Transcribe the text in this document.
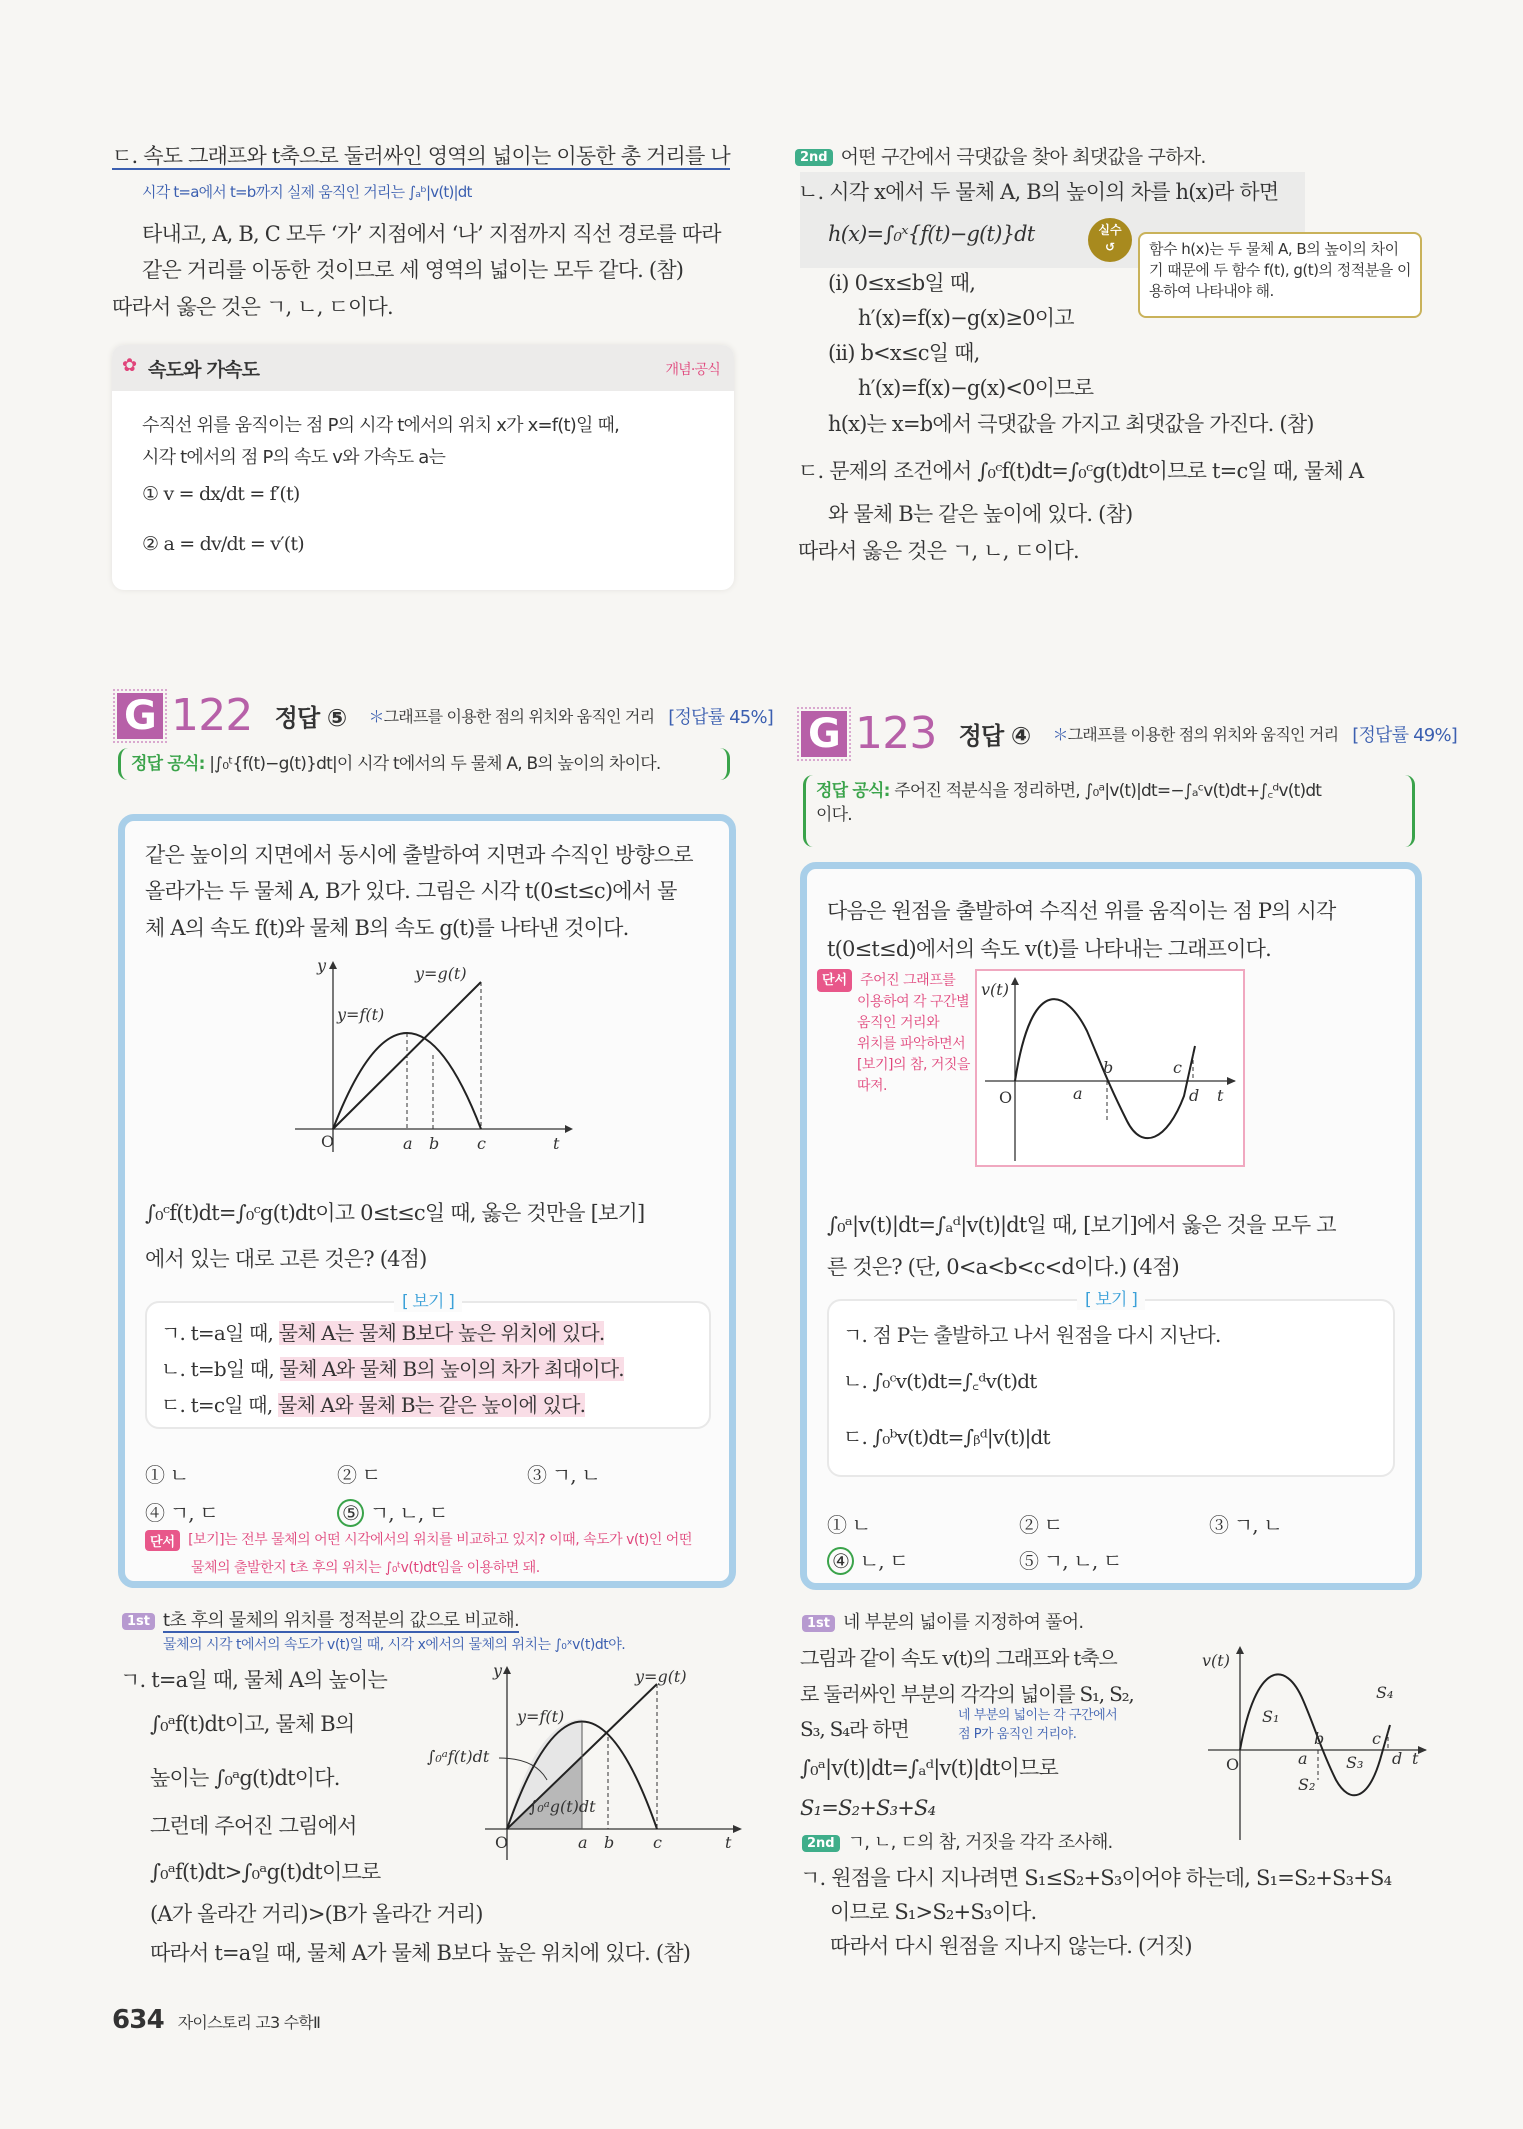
ㄷ. 속도 그래프와 t축으로 둘러싸인 영역의 넓이는 이동한 총 거리를 나
시각 t=a에서 t=b까지 실제 움직인 거리는 ∫ₐᵇ|v(t)|dt
타내고, A, B, C 모두 ‘가’ 지점에서 ‘나’ 지점까지 직선 경로를 따라
같은 거리를 이동한 것이므로 세 영역의 넓이는 모두 같다. (참)
따라서 옳은 것은 ㄱ, ㄴ, ㄷ이다.
✿ 속도와 가속도	개념·공식
수직선 위를 움직이는 점 P의 시각 t에서의 위치 x가 x=f(t)일 때,
시각 t에서의 점 P의 속도 v와 가속도 a는
① v = dx/dt = f′(t)
② a = dv/dt = v′(t)
2nd 어떤 구간에서 극댓값을 찾아 최댓값을 구하자.
ㄴ. 시각 x에서 두 물체 A, B의 높이의 차를 h(x)라 하면
h(x)=∫₀ˣ{f(t)−g(t)}dt
함수 h(x)는 두 물체 A, B의 높이의 차이기 때문에 두 함수 f(t), g(t)의 정적분을 이용하여 나타내야 해.
실수
↺
(i) 0≤x≤b일 때,
h′(x)=f(x)−g(x)≥0이고
(ii) b<x≤c일 때,
h′(x)=f(x)−g(x)<0이므로
h(x)는 x=b에서 극댓값을 가지고 최댓값을 가진다. (참)
ㄷ. 문제의 조건에서 ∫₀ᶜf(t)dt=∫₀ᶜg(t)dt이므로 t=c일 때, 물체 A
와 물체 B는 같은 높이에 있다. (참)
따라서 옳은 것은 ㄱ, ㄴ, ㄷ이다.
G 122 정답 ⑤ ＊그래프를 이용한 점의 위치와 움직인 거리 [정답률 45%]
정답 공식: |∫₀ᵗ{f(t)−g(t)}dt|이 시각 t에서의 두 물체 A, B의 높이의 차이다.
같은 높이의 지면에서 동시에 출발하여 지면과 수직인 방향으로
올라가는 두 물체 A, B가 있다. 그림은 시각 t(0≤t≤c)에서 물
체 A의 속도 f(t)와 물체 B의 속도 g(t)를 나타낸 것이다.
O	a b c	t
y
y=f(t)
y=g(t)
∫₀ᶜf(t)dt=∫₀ᶜg(t)dt이고 0≤t≤c일 때, 옳은 것만을 [보기]
에서 있는 대로 고른 것은? (4점)
[ 보기 ]
ㄱ. t=a일 때, 물체 A는 물체 B보다 높은 위치에 있다.
ㄴ. t=b일 때, 물체 A와 물체 B의 높이의 차가 최대이다.
ㄷ. t=c일 때, 물체 A와 물체 B는 같은 높이에 있다.
① ㄴ	② ㄷ	③ ㄱ, ㄴ
④ ㄱ, ㄷ	⑤ ㄱ, ㄴ, ㄷ
단서 [보기]는 전부 물체의 어떤 시각에서의 위치를 비교하고 있지? 이때, 속도가 v(t)인 어떤
물체의 출발한지 t초 후의 위치는 ∫₀ᵗv(t)dt임을 이용하면 돼.
1st t초 후의 물체의 위치를 정적분의 값으로 비교해.
물체의 시각 t에서의 속도가 v(t)일 때, 시각 x에서의 물체의 위치는 ∫₀ˣv(t)dt야.
ㄱ. t=a일 때, 물체 A의 높이는
∫₀ᵃf(t)dt이고, 물체 B의
높이는 ∫₀ᵃg(t)dt이다.
그런데 주어진 그림에서
∫₀ᵃf(t)dt>∫₀ᵃg(t)dt이므로
(A가 올라간 거리)>(B가 올라간 거리)
따라서 t=a일 때, 물체 A가 물체 B보다 높은 위치에 있다. (참)
O	a b c	t
y
y=f(t)
y=g(t)
∫₀ᵃf(t)dt
∫₀ᵃg(t)dt
G 123 정답 ④ ＊그래프를 이용한 점의 위치와 움직인 거리 [정답률 49%]
정답 공식: 주어진 적분식을 정리하면, ∫₀ᵃ|v(t)|dt=−∫ₐᶜv(t)dt+∫꜀ᵈv(t)dt
이다.
다음은 원점을 출발하여 수직선 위를 움직이는 점 P의 시각
t(0≤t≤d)에서의 속도 v(t)를 나타내는 그래프이다.
단서 주어진 그래프를
이용하여 각 구간별
움직인 거리와
위치를 파악하면서
[보기]의 참, 거짓을
따져.
O	a
b	c
d t
v(t)
∫₀ᵃ|v(t)|dt=∫ₐᵈ|v(t)|dt일 때, [보기]에서 옳은 것을 모두 고
른 것은? (단, 0<a<b<c<d이다.) (4점)
[ 보기 ]
ㄱ. 점 P는 출발하고 나서 원점을 다시 지난다.
ㄴ. ∫₀ᶜv(t)dt=∫꜀ᵈv(t)dt
ㄷ. ∫₀ᵇv(t)dt=∫ᵦᵈ|v(t)|dt
① ㄴ	② ㄷ	③ ㄱ, ㄴ
④ ㄴ, ㄷ	⑤ ㄱ, ㄴ, ㄷ
1st 네 부분의 넓이를 지정하여 풀어.
그림과 같이 속도 v(t)의 그래프와 t축으
로 둘러싸인 부분의 각각의 넓이를 S₁, S₂,
S₃, S₄라 하면
네 부분의 넓이는 각 구간에서
점 P가 움직인 거리야.
∫₀ᵃ|v(t)|dt=∫ₐᵈ|v(t)|dt이므로
S₁=S₂+S₃+S₄
2nd ㄱ, ㄴ, ㄷ의 참, 거짓을 각각 조사해.
ㄱ. 원점을 다시 지나려면 S₁≤S₂+S₃이어야 하는데, S₁=S₂+S₃+S₄
이므로 S₁>S₂+S₃이다.
따라서 다시 원점을 지나지 않는다. (거짓)
O	a
b	c
d t
v(t)
S₁
S₂
S₃
S₄
634 자이스토리 고3 수학Ⅱ
